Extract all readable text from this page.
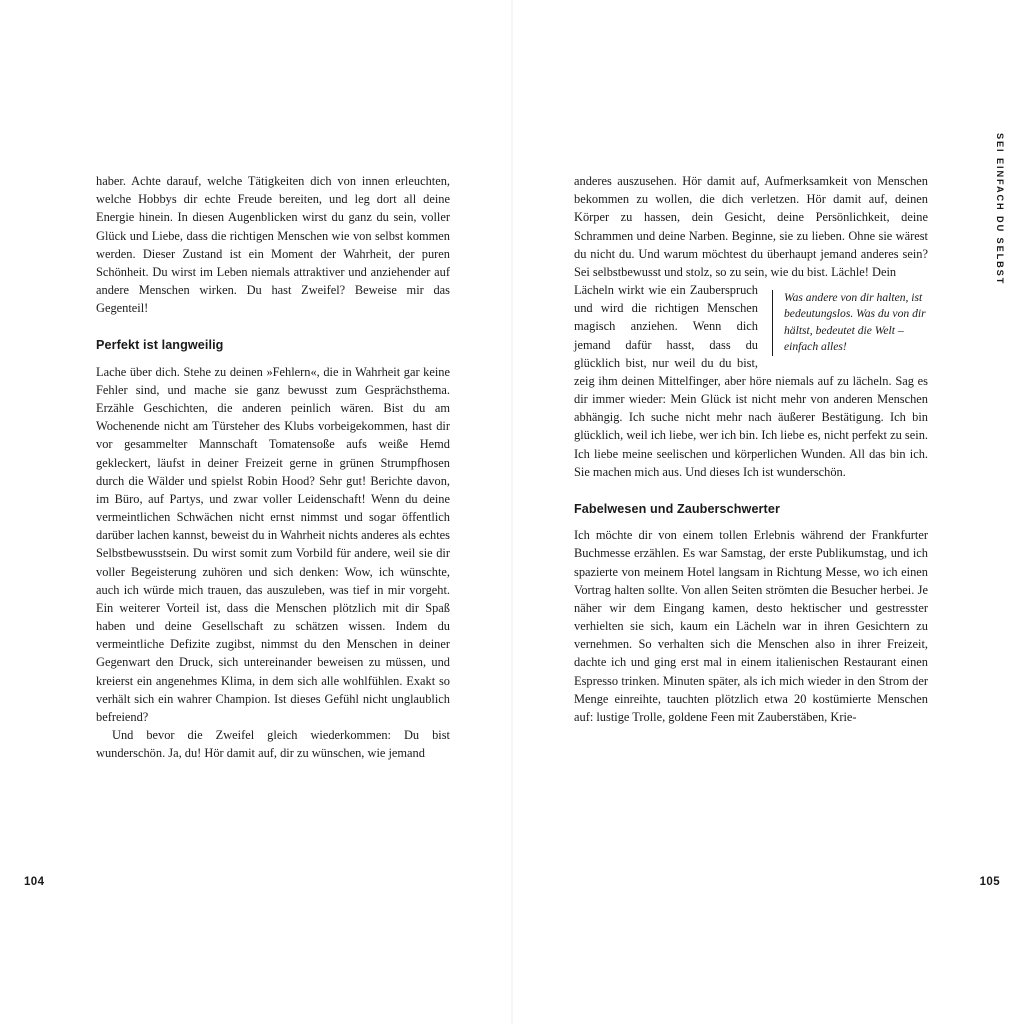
haber. Achte darauf, welche Tätigkeiten dich von innen erleuchten, welche Hobbys dir echte Freude bereiten, und leg dort all deine Energie hinein. In diesen Augenblicken wirst du ganz du sein, voller Glück und Liebe, dass die richtigen Menschen wie von selbst kommen werden. Dieser Zustand ist ein Moment der Wahrheit, der puren Schönheit. Du wirst im Leben niemals attraktiver und anziehender auf andere Menschen wirken. Du hast Zweifel? Beweise mir das Gegenteil!

Perfekt ist langweilig

Lache über dich. Stehe zu deinen »Fehlern«, die in Wahrheit gar keine Fehler sind, und mache sie ganz bewusst zum Gesprächsthema. Erzähle Geschichten, die anderen peinlich wären. Bist du am Wochenende nicht am Türsteher des Klubs vorbeigekommen, hast dir vor gesammelter Mannschaft Tomatensoße aufs weiße Hemd gekleckert, läufst in deiner Freizeit gerne in grünen Strumpfhosen durch die Wälder und spielst Robin Hood? Sehr gut! Berichte davon, im Büro, auf Partys, und zwar voller Leidenschaft! Wenn du deine vermeintlichen Schwächen nicht ernst nimmst und sogar öffentlich darüber lachen kannst, beweist du in Wahrheit nichts anderes als echtes Selbstbewusstsein. Du wirst somit zum Vorbild für andere, weil sie dir voller Begeisterung zuhören und sich denken: Wow, ich wünschte, auch ich würde mich trauen, das auszuleben, was tief in mir vorgeht. Ein weiterer Vorteil ist, dass die Menschen plötzlich mit dir Spaß haben und deine Gesellschaft zu schätzen wissen. Indem du vermeintliche Defizite zugibst, nimmst du den Menschen in deiner Gegenwart den Druck, sich untereinander beweisen zu müssen, und kreierst ein angenehmes Klima, in dem sich alle wohlfühlen. Exakt so verhält sich ein wahrer Champion. Ist dieses Gefühl nicht unglaublich befreiend?

Und bevor die Zweifel gleich wiederkommen: Du bist wunderschön. Ja, du! Hör damit auf, dir zu wünschen, wie jemand

104

anderes auszusehen. Hör damit auf, Aufmerksamkeit von Menschen bekommen zu wollen, die dich verletzen. Hör damit auf, deinen Körper zu hassen, dein Gesicht, deine Persönlichkeit, deine Schrammen und deine Narben. Beginne, sie zu lieben. Ohne sie wärest du nicht du. Und warum möchtest du überhaupt jemand anderes sein? Sei selbstbewusst und stolz, so zu sein, wie du bist. Lächle! Dein

Was andere von dir halten, ist bedeutungslos. Was du von dir hältst, bedeutet die Welt – einfach alles!

Lächeln wirkt wie ein Zauberspruch und wird die richtigen Menschen magisch anziehen. Wenn dich jemand dafür hasst, dass du glücklich bist, nur weil du du bist, zeig ihm deinen Mittelfinger, aber höre niemals auf zu lächeln. Sag es dir immer wieder: Mein Glück ist nicht mehr von anderen Menschen abhängig. Ich suche nicht mehr nach äußerer Bestätigung. Ich bin glücklich, weil ich liebe, wer ich bin. Ich liebe es, nicht perfekt zu sein. Ich liebe meine seelischen und körperlichen Wunden. All das bin ich. Sie machen mich aus. Und dieses Ich ist wunderschön.

Fabelwesen und Zauberschwerter

Ich möchte dir von einem tollen Erlebnis während der Frankfurter Buchmesse erzählen. Es war Samstag, der erste Publikumstag, und ich spazierte von meinem Hotel langsam in Richtung Messe, wo ich einen Vortrag halten sollte. Von allen Seiten strömten die Besucher herbei. Je näher wir dem Eingang kamen, desto hektischer und gestresster verhielten sie sich, kaum ein Lächeln war in ihren Gesichtern zu vernehmen. So verhalten sich die Menschen also in ihrer Freizeit, dachte ich und ging erst mal in einem italienischen Restaurant einen Espresso trinken. Minuten später, als ich mich wieder in den Strom der Menge einreihte, tauchten plötzlich etwa 20 kostümierte Menschen auf: lustige Trolle, goldene Feen mit Zauberstäben, Krie-

SEI EINFACH DU SELBST
105
